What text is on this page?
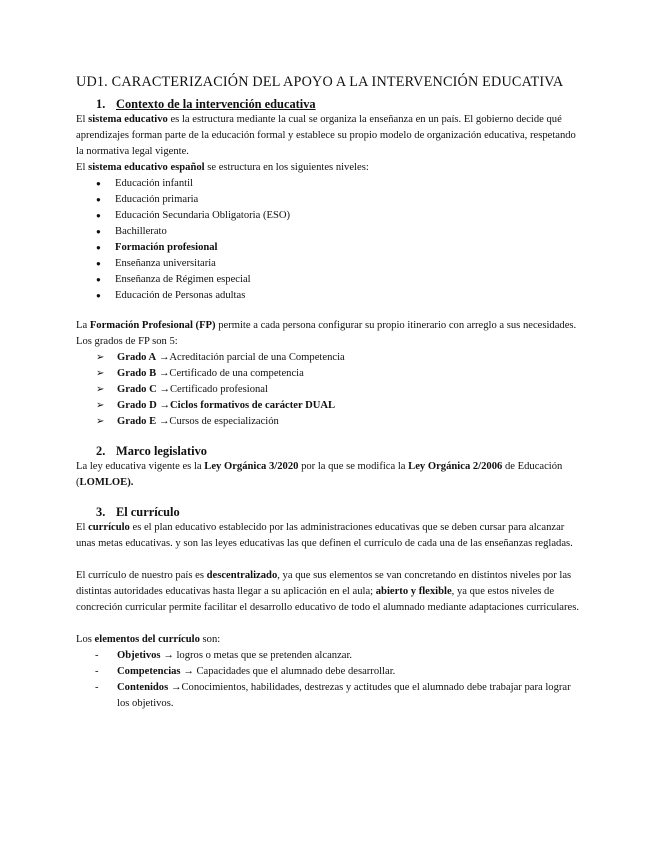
UD1. CARACTERIZACIÓN DEL APOYO A LA INTERVENCIÓN EDUCATIVA
1. Contexto de la intervención educativa

El sistema educativo es la estructura mediante la cual se organiza la enseñanza en un país. El gobierno decide qué aprendizajes forman parte de la educación formal y establece su propio modelo de organización educativa, respetando la normativa legal vigente.

El sistema educativo español se estructura en los siguientes niveles:

● Educación infantil
● Educación primaria
● Educación Secundaria Obligatoria (ESO)
● Bachillerato
● Formación profesional
● Enseñanza universitaria
● Enseñanza de Régimen especial
● Educación de Personas adultas

La Formación Profesional (FP) permite a cada persona configurar su propio itinerario con arreglo a sus necesidades.

Los grados de FP son 5:

➢ Grado A →Acreditación parcial de una Competencia
➢ Grado B →Certificado de una competencia
➢ Grado C →Certificado profesional
➢ Grado D →Ciclos formativos de carácter DUAL
➢ Grado E →Cursos de especialización
2. Marco legislativo

La ley educativa vigente es la Ley Orgánica 3/2020 por la que se modifica la Ley Orgánica 2/2006 de Educación (LOMLOE).

3. El currículo

El currículo es el plan educativo establecido por las administraciones educativas que se deben cursar para alcanzar unas metas educativas. y son las leyes educativas las que definen el currículo de cada una de las enseñanzas regladas.

El currículo de nuestro país es descentralizado, ya que sus elementos se van concretando en distintos niveles por las distintas autoridades educativas hasta llegar a su aplicación en el aula; abierto y flexible, ya que estos niveles de concreción curricular permite facilitar el desarrollo educativo de todo el alumnado mediante adaptaciones curriculares.

Los elementos del currículo son:

- Objetivos → logros o metas que se pretenden alcanzar.
- Competencias → Capacidades que el alumnado debe desarrollar.
- Contenidos →Conocimientos, habilidades, destrezas y actitudes que el alumnado debe trabajar para lograr los objetivos.
